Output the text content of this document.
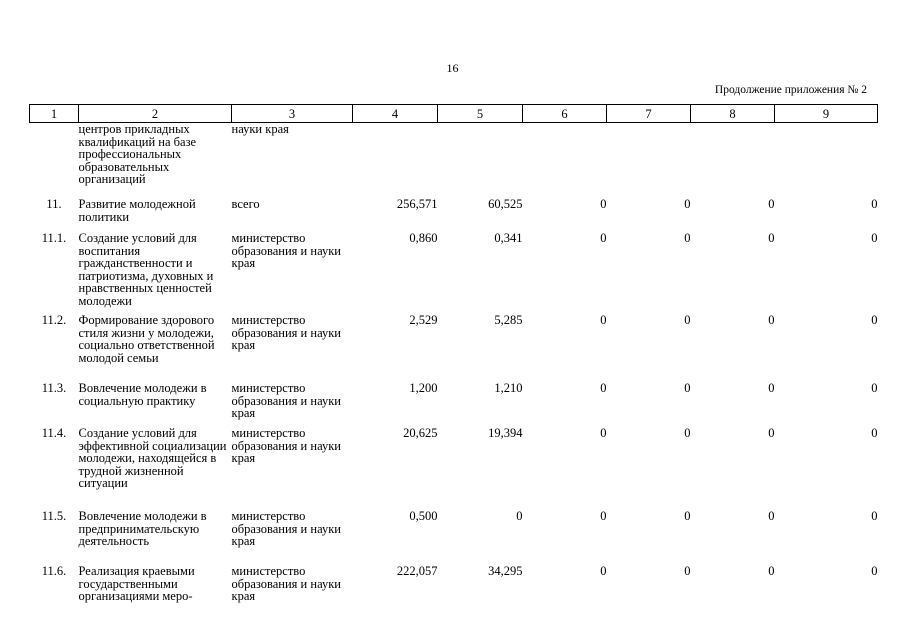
16
Продолжение приложения № 2
1	2	3	4	5	6	7	8	9
	центров прикладных квалификаций на базе профессиональных образовательных организаций	науки края						
11.	Развитие молодежной политики	всего	256,571	60,525	0	0	0	0
11.1.	Создание условий для воспитания гражданственности и патриотизма, духовных и нравственных ценностей молодежи	министерство образования и науки края	0,860	0,341	0	0	0	0
11.2.	Формирование здорового стиля жизни у молодежи, социально ответственной молодой семьи	министерство образования и науки края	2,529	5,285	0	0	0	0
11.3.	Вовлечение молодежи в социальную практику	министерство образования и науки края	1,200	1,210	0	0	0	0
11.4.	Создание условий для эффективной социализации молодежи, находящейся в трудной жизненной ситуации	министерство образования и науки края	20,625	19,394	0	0	0	0
11.5.	Вовлечение молодежи в предпринимательскую деятельность	министерство образования и науки края	0,500	0	0	0	0	0
11.6.	Реализация краевыми государственными организациями меро-	министерство образования и науки края	222,057	34,295	0	0	0	0
